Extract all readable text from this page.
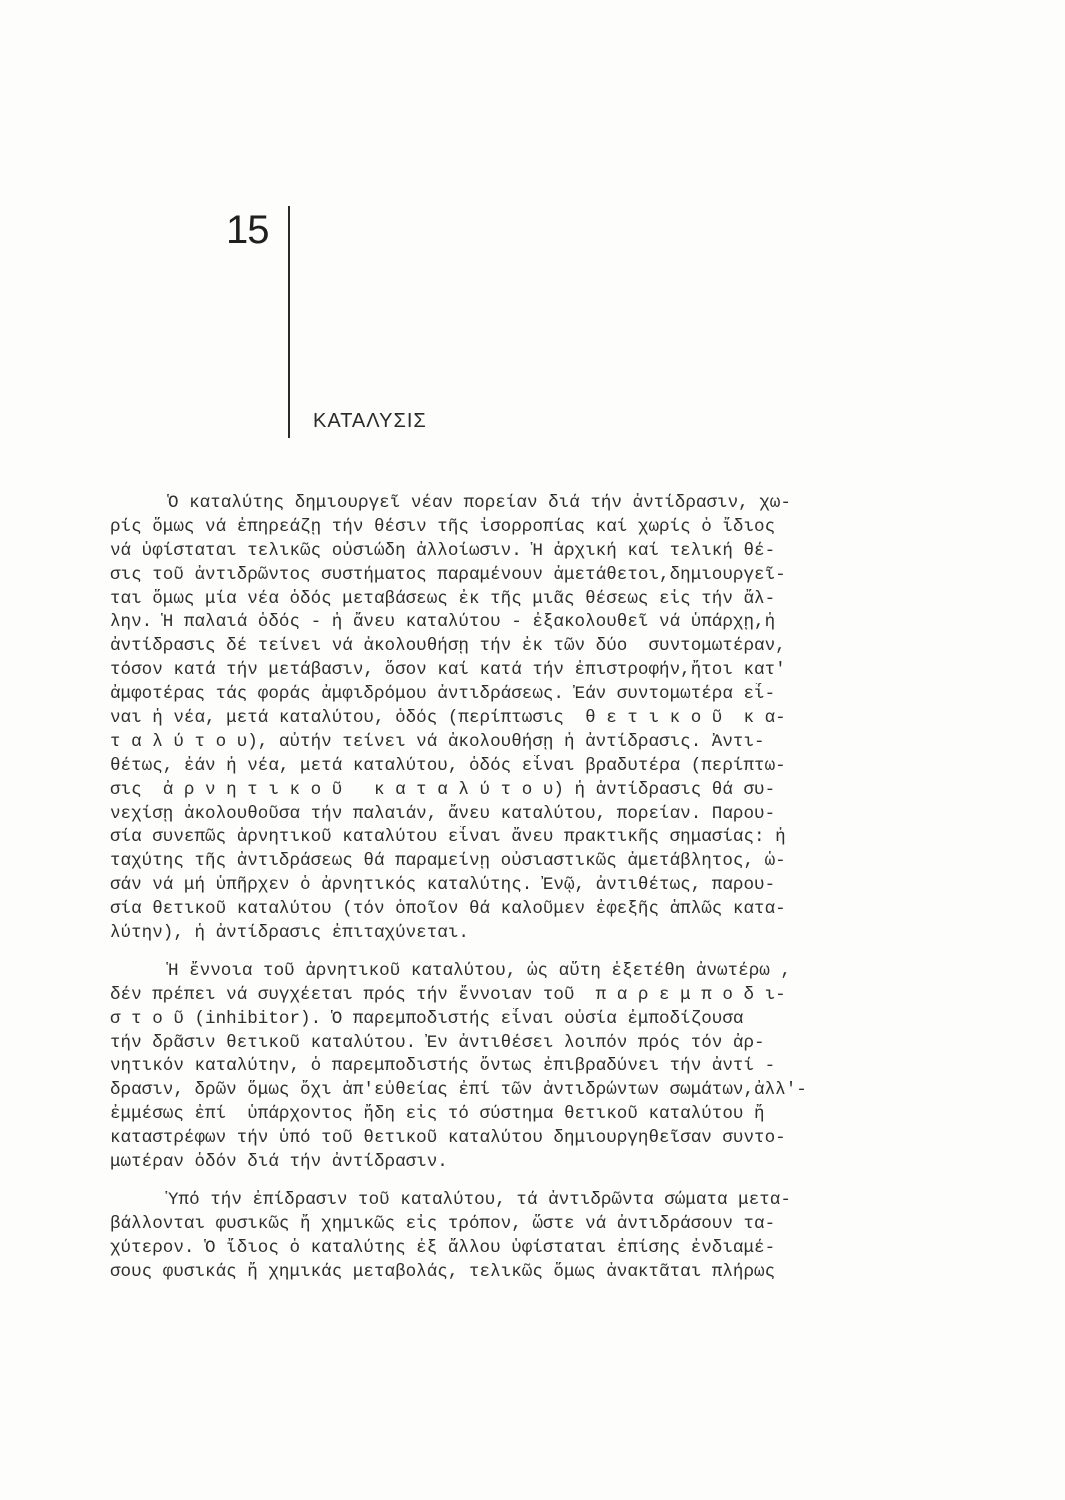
15
ΚΑΤΑΛΥΣΙΣ
Ὁ καταλύτης δημιουργεῖ νέαν πορείαν διά τήν ἀντίδρασιν, χω-
ρίς ὅμως νά ἐπηρεάζῃ τήν θέσιν τῆς ἰσορροπίας καί χωρίς ὁ ἴδιος
νά ὑφίσταται τελικῶς οὐσιώδη ἀλλοίωσιν. Ἡ ἀρχική καί τελική θέ-
σις τοῦ ἀντιδρῶντος συστήματος παραμένουν ἀμετάθετοι,δημιουργεῖ-
ται ὅμως μία νέα ὁδός μεταβάσεως ἐκ τῆς μιᾶς θέσεως εἰς τήν ἄλ-
λην. Ἡ παλαιά ὁδός - ἡ ἄνευ καταλύτου - ἐξακολουθεῖ νά ὑπάρχῃ,ἡ
ἀντίδρασις δέ τείνει νά ἀκολουθήσῃ τήν ἐκ τῶν δύο  συντομωτέραν,
τόσον κατά τήν μετάβασιν, ὅσον καί κατά τήν ἐπιστροφήν,ἤτοι κατ'
ἀμφοτέρας τάς φοράς ἀμφιδρόμου ἀντιδράσεως. Ἐάν συντομωτέρα εἶ-
ναι ἡ νέα, μετά καταλύτου, ὁδός (περίπτωσις  θ ε τ ι κ ο ῦ  κ α-
τ α λ ύ τ ο υ), αὐτήν τείνει νά ἀκολουθήσῃ ἡ ἀντίδρασις. Ἀντι-
θέτως, ἐάν ἡ νέα, μετά καταλύτου, ὁδός εἶναι βραδυτέρα (περίπτω-
σις  ἀ ρ ν η τ ι κ ο ῦ   κ α τ α λ ύ τ ο υ) ἡ ἀντίδρασις θά συ-
νεχίσῃ ἀκολουθοῦσα τήν παλαιάν, ἄνευ καταλύτου, πορείαν. Παρου-
σία συνεπῶς ἀρνητικοῦ καταλύτου εἶναι ἄνευ πρακτικῆς σημασίας: ἡ
ταχύτης τῆς ἀντιδράσεως θά παραμείνῃ οὐσιαστικῶς ἀμετάβλητος, ὡ-
σάν νά μή ὑπῆρχεν ὁ ἀρνητικός καταλύτης. Ἐνῷ, ἀντιθέτως, παρου-
σία θετικοῦ καταλύτου (τόν ὁποῖον θά καλοῦμεν ἐφεξῆς ἁπλῶς κατα-
λύτην), ἡ ἀντίδρασις ἐπιταχύνεται.
Ἡ ἔννοια τοῦ ἀρνητικοῦ καταλύτου, ὡς αὕτη ἐξετέθη ἀνωτέρω ,
δέν πρέπει νά συγχέεται πρός τήν ἔννοιαν τοῦ  π α ρ ε μ π ο δ ι-
σ τ ο ῦ (inhibitor). Ὁ παρεμποδιστής εἶναι οὐσία ἐμποδίζουσα
τήν δρᾶσιν θετικοῦ καταλύτου. Ἐν ἀντιθέσει λοιπόν πρός τόν ἀρ-
νητικόν καταλύτην, ὁ παρεμποδιστής ὄντως ἐπιβραδύνει τήν ἀντί -
δρασιν, δρῶν ὅμως ὄχι ἀπ'εὐθείας ἐπί τῶν ἀντιδρώντων σωμάτων,ἀλλ'-
ἐμμέσως ἐπί  ὑπάρχοντος ἤδη εἰς τό σύστημα θετικοῦ καταλύτου ἤ
καταστρέφων τήν ὑπό τοῦ θετικοῦ καταλύτου δημιουργηθεῖσαν συντο-
μωτέραν ὁδόν διά τήν ἀντίδρασιν.
Ὑπό τήν ἐπίδρασιν τοῦ καταλύτου, τά ἀντιδρῶντα σώματα μετα-
βάλλονται φυσικῶς ἤ χημικῶς εἰς τρόπον, ὥστε νά ἀντιδράσουν τα-
χύτερον. Ὁ ἴδιος ὁ καταλύτης ἐξ ἄλλου ὑφίσταται ἐπίσης ἐνδιαμέ-
σους φυσικάς ἤ χημικάς μεταβολάς, τελικῶς ὅμως ἀνακτᾶται πλήρως
